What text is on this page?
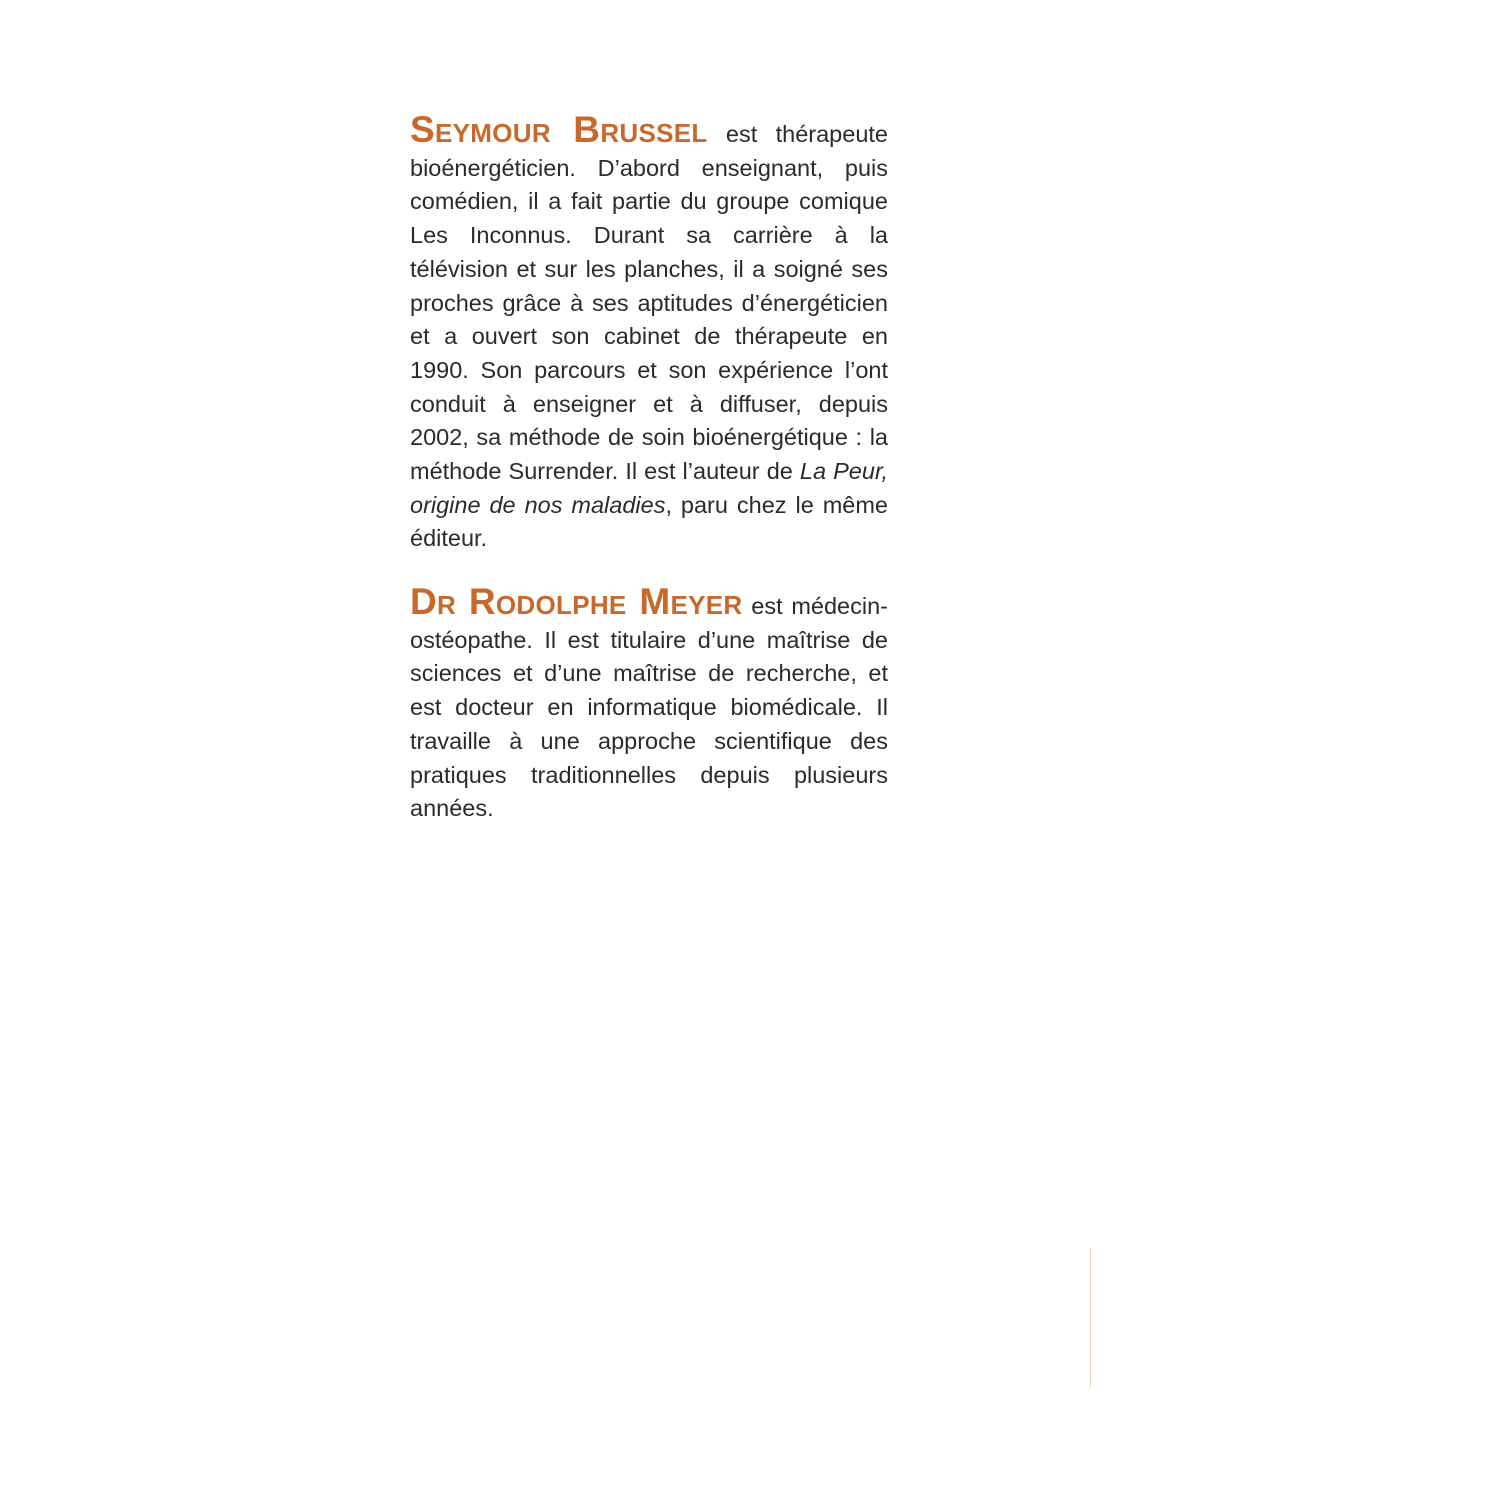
Seymour Brussel est thérapeute bioénergéticien. D’abord enseignant, puis comédien, il a fait partie du groupe comique Les Inconnus. Durant sa carrière à la télévision et sur les planches, il a soigné ses proches grâce à ses aptitudes d’énergéticien et a ouvert son cabinet de thérapeute en 1990. Son parcours et son expérience l’ont conduit à enseigner et à diffuser, depuis 2002, sa méthode de soin bioénergétique : la méthode Surrender. Il est l’auteur de La Peur, origine de nos maladies, paru chez le même éditeur.

Dr Rodolphe Meyer est médecin-ostéopathe. Il est titulaire d’une maîtrise de sciences et d’une maîtrise de recherche, et est docteur en informatique biomédicale. Il travaille à une approche scientifique des pratiques traditionnelles depuis plusieurs années.
